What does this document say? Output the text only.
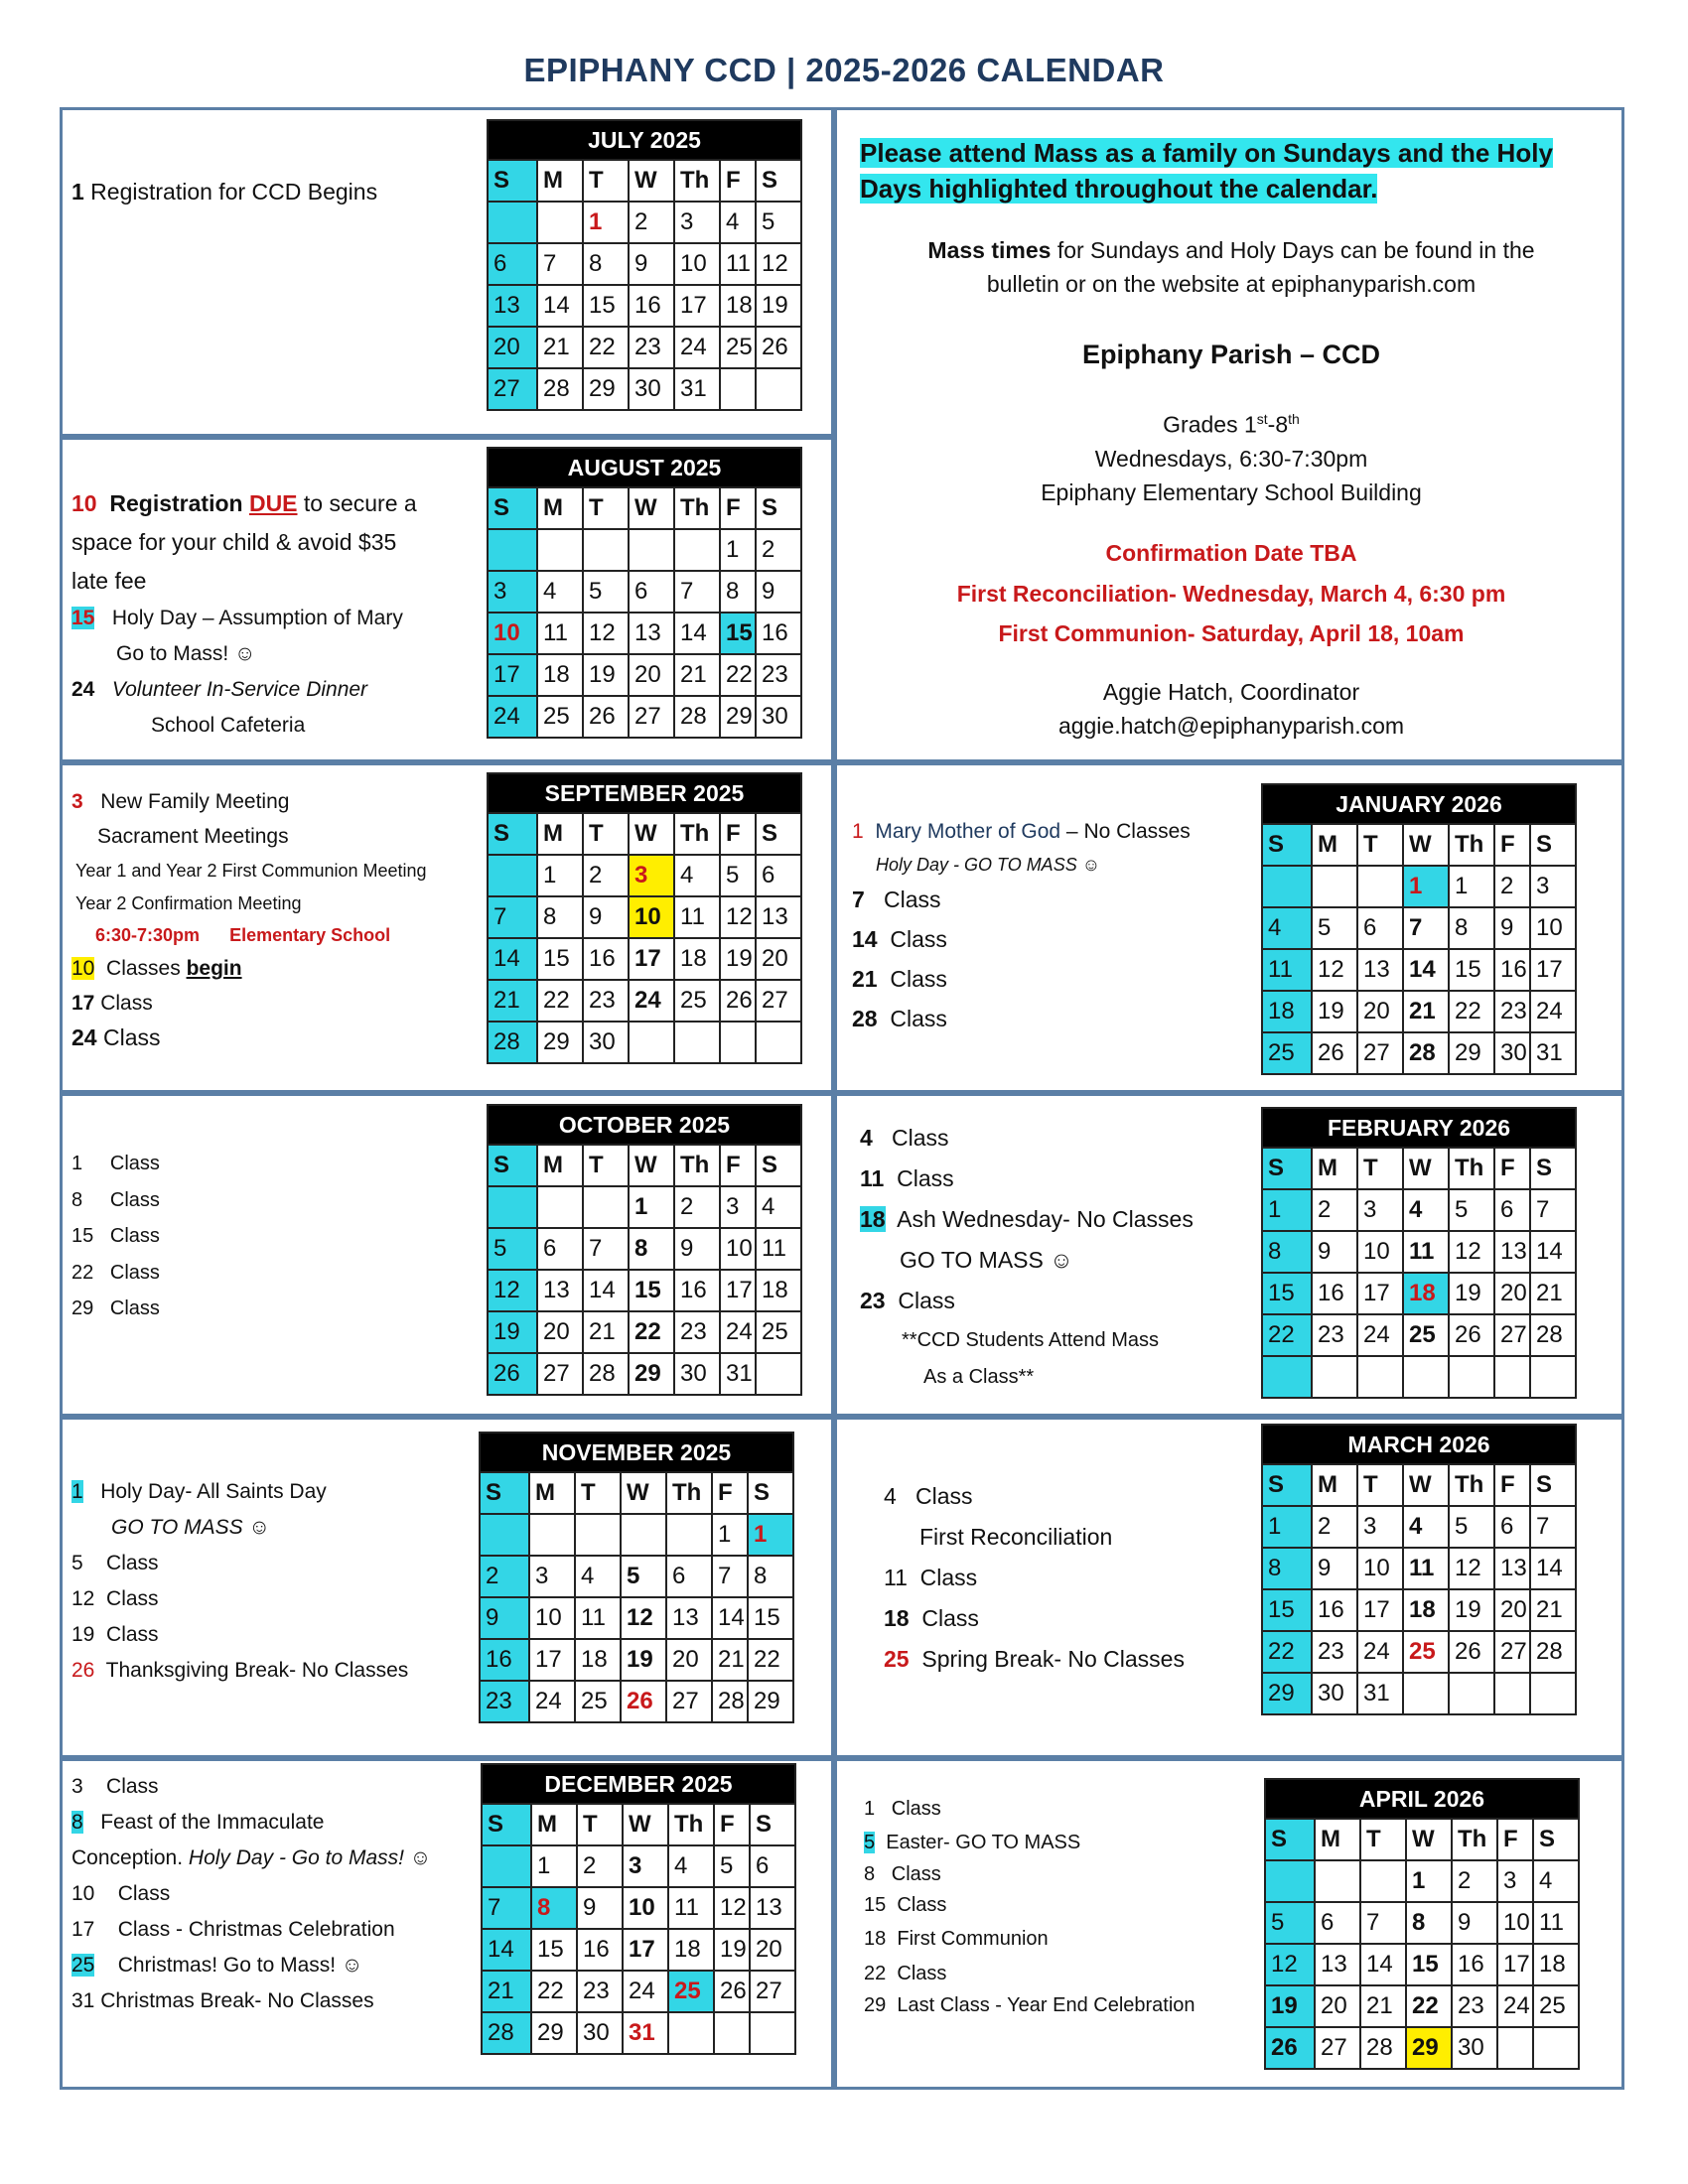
EPIPHANY CCD | 2025-2026 CALENDAR
Please attend Mass as a family on Sundays and the Holy
Days highlighted throughout the calendar.
Mass times for Sundays and Holy Days can be found in the
bulletin or on the website at epiphanyparish.com
Epiphany Parish – CCD
Grades 1st-8th
Wednesdays, 6:30-7:30pm
Epiphany Elementary School Building
Confirmation Date TBA
First Reconciliation- Wednesday, March 4, 6:30 pm
First Communion- Saturday, April 18, 10am
Aggie Hatch, Coordinator
aggie.hatch@epiphanyparish.com
1 Registration for CCD Begins
10 Registration DUE to secure a
space for your child & avoid $35
late fee
15 Holy Day – Assumption of Mary
Go to Mass! ☺
24 Volunteer In-Service Dinner
School Cafeteria
3 New Family Meeting
Sacrament Meetings
Year 1 and Year 2 First Communion Meeting
Year 2 Confirmation Meeting
6:30-7:30pm Elementary School
10 Classes begin
17 Class
24 Class
1 Class
8 Class
15 Class
22 Class
29 Class
1 Holy Day- All Saints Day
GO TO MASS ☺
5 Class
12 Class
19 Class
26 Thanksgiving Break- No Classes
3 Class
8 Feast of the Immaculate
Conception. Holy Day - Go to Mass! ☺
10 Class
17 Class - Christmas Celebration
25 Christmas! Go to Mass! ☺
31 Christmas Break- No Classes
1 Mary Mother of God – No Classes
Holy Day - GO TO MASS ☺
7 Class
14 Class
21 Class
28 Class
4 Class
11 Class
18 Ash Wednesday- No Classes
GO TO MASS ☺
23 Class
**CCD Students Attend Mass
As a Class**
4 Class
First Reconciliation
11 Class
18 Class
25 Spring Break- No Classes
1 Class
5 Easter- GO TO MASS
8 Class
15 Class
18 First Communion
22 Class
29 Last Class - Year End Celebration
JULY 2025						
S	M	T	W	Th	F	S
		1	2	3	4	5
6	7	8	9	10	11	12
13	14	15	16	17	18	19
20	21	22	23	24	25	26
27	28	29	30	31		
AUGUST 2025						
S	M	T	W	Th	F	S
					1	2
3	4	5	6	7	8	9
10	11	12	13	14	15	16
17	18	19	20	21	22	23
24	25	26	27	28	29	30
SEPTEMBER 2025						
S	M	T	W	Th	F	S
	1	2	3	4	5	6
7	8	9	10	11	12	13
14	15	16	17	18	19	20
21	22	23	24	25	26	27
28	29	30				
OCTOBER 2025						
S	M	T	W	Th	F	S
			1	2	3	4
5	6	7	8	9	10	11
12	13	14	15	16	17	18
19	20	21	22	23	24	25
26	27	28	29	30	31	
NOVEMBER 2025						
S	M	T	W	Th	F	S
					1	1
2	3	4	5	6	7	8
9	10	11	12	13	14	15
16	17	18	19	20	21	22
23	24	25	26	27	28	29
DECEMBER 2025						
S	M	T	W	Th	F	S
	1	2	3	4	5	6
7	8	9	10	11	12	13
14	15	16	17	18	19	20
21	22	23	24	25	26	27
28	29	30	31			
JANUARY 2026						
S	M	T	W	Th	F	S
			1	1	2	3
4	5	6	7	8	9	10
11	12	13	14	15	16	17
18	19	20	21	22	23	24
25	26	27	28	29	30	31
FEBRUARY 2026						
S	M	T	W	Th	F	S
1	2	3	4	5	6	7
8	9	10	11	12	13	14
15	16	17	18	19	20	21
22	23	24	25	26	27	28

MARCH 2026						
S	M	T	W	Th	F	S
1	2	3	4	5	6	7
8	9	10	11	12	13	14
15	16	17	18	19	20	21
22	23	24	25	26	27	28
29	30	31				
APRIL 2026						
S	M	T	W	Th	F	S
			1	2	3	4
5	6	7	8	9	10	11
12	13	14	15	16	17	18
19	20	21	22	23	24	25
26	27	28	29	30		
